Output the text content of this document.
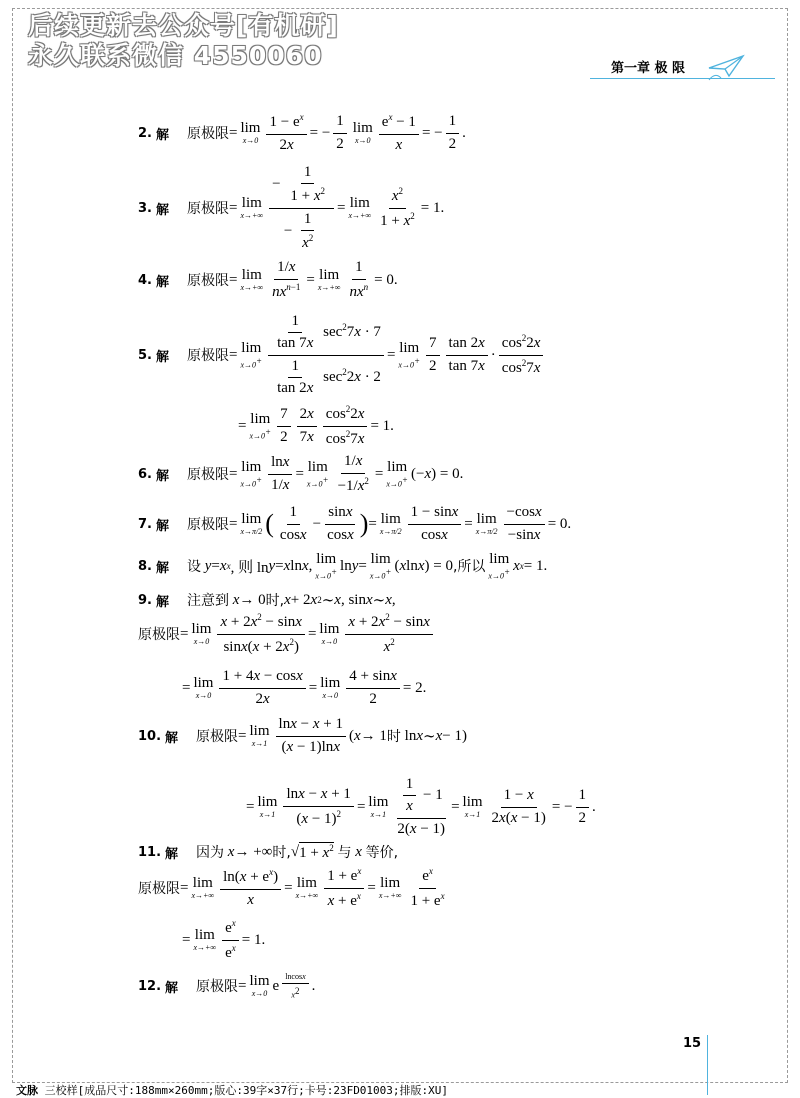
后续更新去公众号[有机研]
永久联系微信 4550060	第一章 极 限
2. 解 原极限 = lim
$x\to 0 \frac{1 - e^x}{2x}$ = − $\frac{1}{2}$ lim
$x\to 0 \frac{e^x - 1}{x}$ = − $\frac{1}{2}$ .
3. 解 原极限 = lim
$x\to+\infty \frac{- \frac{1}{1 + x^2}}{- \frac{1}{x^2}} = \lim$
$x\to+\infty \frac{x^2}{1 + x^2} = 1$.
4. 解 原极限 = lim
$x\to+\infty \frac{1/x}{nx^{n-1}} = \lim$
$x\to+\infty \frac{1}{nx^n} = 0$.
5. 解 原极限 = lim
$x\to 0^+ \frac{\frac{1}{\tan 7x} \sec^27x \cdot 7}{\frac{1}{\tan 2x} \sec^22x \cdot 2} = \lim$
$x\to 0^+ \frac{7}{2} \frac{\tan 2x}{\tan 7x} \cdot \frac{\cos^22x}{\cos^27x}$
= lim
$x\to 0^+ \frac{7}{2} \frac{2x}{7x} \frac{\cos^22x}{\cos^27x} = 1$.
6. 解 原极限 = lim
$x\to 0^+ \frac{\ln x}{1/x} = \lim$
$x\to 0^+ \frac{1/x}{-1/x^2} = \lim$
x→0+ (− x ) = 0.
7. 解 原极限 = lim
x→π/2 ( $\frac{1}{\cos x} - \frac{\sin x}{\cos x}$ ) = lim
$x\to\pi/2 \frac{1 - \sin x}{\cos x} = \lim$
$x\to\pi/2 \frac{-\cos x}{-\sin x} = 0$.
8. 解 设
y = x x , 则 ln y = x ln x , lim
x→0+ ln y = lim
x→0+ ( x ln x ) = 0 ,所以
lim
x→0+ x x = 1.
9. 解 注意到
x → 0 时, x + 2 x 2 ∼ x , sin x ∼ x ,
原极限 = lim
$x\to 0 \frac{x + 2x^2 - \sin x}{\sin x(x + 2x^2)} = \lim$
$x\to 0 \frac{x + 2x^2 - \sin x}{x^2}$
= lim
$x\to 0 \frac{1 + 4x - \cos x}{2x} = \lim$
$x\to 0 \frac{4 + \sin x}{2} = 2$.
10. 解 原极限 = lim
$x\to 1 \frac{\ln x - x + 1}{(x - 1)\ln x}$ ( x → 1 时 ln x ∼ x − 1)
= lim
$x\to 1 \frac{\ln x - x + 1}{(x - 1)^2} = \lim$
$x\to 1 \frac{\frac{1}{x} - 1}{2(x - 1)} = \lim$
$x\to 1 \frac{1 - x}{2x(x - 1)}$ = − $\frac{1}{2}$ .
11. 解 因为
x → +∞ 时, √ $1 + x^2$
与
x
等价,
原极限 = lim
$x\to+\infty \frac{\ln(x + e^x)}{x} = \lim$
$x\to+\infty \frac{1 + e^x}{x + e^x} = \lim$
$x\to+\infty \frac{e^x}{1 + e^x}$
= lim
$x\to+\infty \frac{e^x}{e^x} = 1$.
12. 解 原极限 = lim
x→0 e $\frac{lncosx}{x^2}$ .
15
文脉 三校样[成品尺寸:188mm×260mm;版心:39字×37行;卡号:23FD01003;排版:XU]
